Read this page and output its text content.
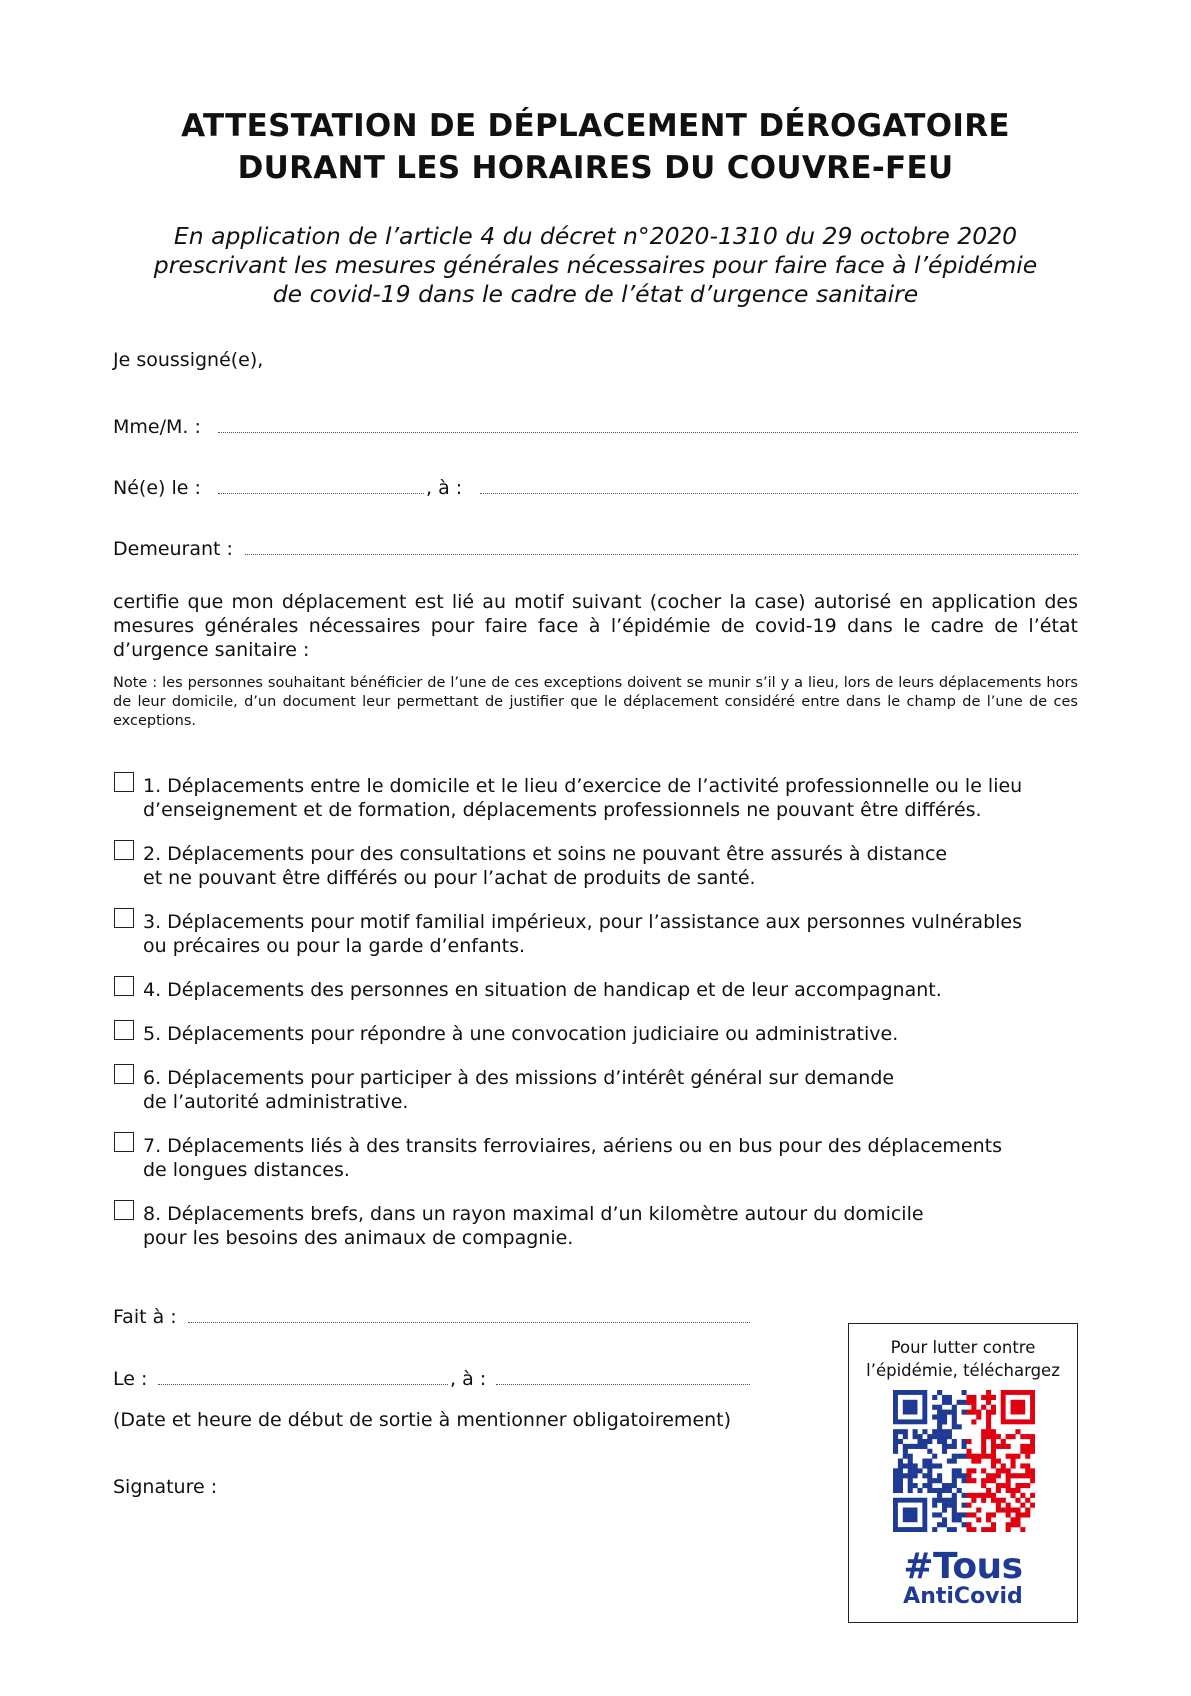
ATTESTATION DE DÉPLACEMENT DÉROGATOIRE
DURANT LES HORAIRES DU COUVRE-FEU

En application de l’article 4 du décret n°2020-1310 du 29 octobre 2020

prescrivant les mesures générales nécessaires pour faire face à l’épidémie

de covid-19 dans le cadre de l’état d’urgence sanitaire

Je soussigné(e),

Mme/M. :

Né(e) le :	, à :

Demeurant :

certifie que mon déplacement est lié au motif suivant (cocher la case) autorisé en application des mesures générales nécessaires pour faire face à l’épidémie de covid-19 dans le cadre de l’état d’urgence sanitaire :

Note : les personnes souhaitant bénéficier de l’une de ces exceptions doivent se munir s’il y a lieu, lors de leurs déplacements hors de leur domicile, d’un document leur permettant de justifier que le déplacement considéré entre dans le champ de l’une de ces exceptions.

1. Déplacements entre le domicile et le lieu d’exercice de l’activité professionnelle ou le lieu
d’enseignement et de formation, déplacements professionnels ne pouvant être différés.

2. Déplacements pour des consultations et soins ne pouvant être assurés à distance
et ne pouvant être différés ou pour l’achat de produits de santé.

3. Déplacements pour motif familial impérieux, pour l’assistance aux personnes vulnérables
ou précaires ou pour la garde d’enfants.

4. Déplacements des personnes en situation de handicap et de leur accompagnant.

5. Déplacements pour répondre à une convocation judiciaire ou administrative.

6. Déplacements pour participer à des missions d’intérêt général sur demande
de l’autorité administrative.

7. Déplacements liés à des transits ferroviaires, aériens ou en bus pour des déplacements
de longues distances.

8. Déplacements brefs, dans un rayon maximal d’un kilomètre autour du domicile
pour les besoins des animaux de compagnie.

Fait à :

Le :	, à :

(Date et heure de début de sortie à mentionner obligatoirement)

Signature :

Pour lutter contre
l’épidémie, téléchargez

#Tous

AntiCovid
